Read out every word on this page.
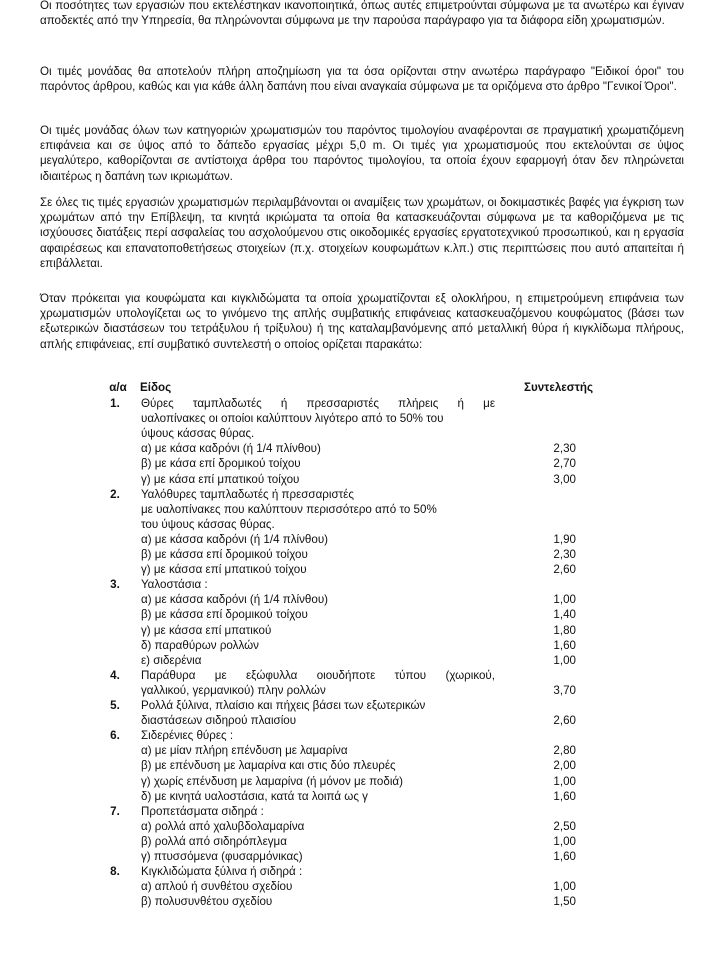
Οι ποσότητες των εργασιών που εκτελέστηκαν ικανοποιητικά, όπως αυτές επιμετρούνται σύμφωνα με τα ανωτέρω και έγιναν αποδεκτές από την Υπηρεσία, θα πληρώνονται σύμφωνα με την παρούσα παράγραφο για τα διάφορα είδη χρωματισμών.
Οι τιμές μονάδας θα αποτελούν πλήρη αποζημίωση για τα όσα ορίζονται στην ανωτέρω παράγραφο "Ειδικοί όροι" του παρόντος άρθρου, καθώς και για κάθε άλλη δαπάνη που είναι αναγκαία σύμφωνα με τα οριζόμενα στο άρθρο "Γενικοί Όροι".
Οι τιμές μονάδας όλων των κατηγοριών χρωματισμών του παρόντος τιμολογίου αναφέρονται σε πραγματική χρωματιζόμενη επιφάνεια και σε ύψος από το δάπεδο εργασίας μέχρι 5,0 m. Οι τιμές για χρωματισμούς που εκτελούνται σε ύψος μεγαλύτερο, καθορίζονται σε αντίστοιχα άρθρα του παρόντος τιμολογίου, τα οποία έχουν εφαρμογή όταν δεν πληρώνεται ιδιαιτέρως η δαπάνη των ικριωμάτων.
Σε όλες τις τιμές εργασιών χρωματισμών περιλαμβάνονται οι αναμίξεις των χρωμάτων, οι δοκιμαστικές βαφές για έγκριση των χρωμάτων από την Επίβλεψη, τα κινητά ικριώματα τα οποία θα κατασκευάζονται σύμφωνα με τα καθοριζόμενα με τις ισχύουσες διατάξεις περί ασφαλείας του ασχολούμενου στις οικοδομικές εργασίες εργατοτεχνικού προσωπικού, και η εργασία αφαιρέσεως και επανατοποθετήσεως στοιχείων (π.χ. στοιχείων κουφωμάτων κ.λπ.) στις περιπτώσεις που αυτό απαιτείται ή επιβάλλεται.
Όταν πρόκειται για κουφώματα και κιγκλιδώματα τα οποία χρωματίζονται εξ ολοκλήρου, η επιμετρούμενη επιφάνεια των χρωματισμών υπολογίζεται ως το γινόμενο της απλής συμβατικής επιφάνειας κατασκευαζόμενου κουφώματος (βάσει των εξωτερικών διαστάσεων του τετράξυλου ή τρίξυλου) ή της καταλαμβανόμενης από μεταλλική θύρα ή κιγκλίδωμα πλήρους, απλής επιφάνειας, επί συμβατικό συντελεστή ο οποίος ορίζεται παρακάτω:
α/α	Είδος	Συντελεστής
1.	Θύρες ταμπλαδωτές ή πρεσσαριστές πλήρεις ή με
υαλοπίνακες οι οποίοι καλύπτουν λιγότερο από το 50% του
ύψους κάσσας θύρας.
α) με κάσα καδρόνι (ή 1/4 πλίνθου)	2,30
β) με κάσα επί δρομικού τοίχου	2,70
γ) με κάσα επί μπατικού τοίχου	3,00
2.	Υαλόθυρες ταμπλαδωτές ή πρεσσαριστές
με υαλοπίνακες που καλύπτουν περισσότερο από το 50%
του ύψους κάσσας θύρας.
α) με κάσσα καδρόνι (ή 1/4 πλίνθου)	1,90
β) με κάσσα επί δρομικού τοίχου	2,30
γ) με κάσσα επί μπατικού τοίχου	2,60
3.	Υαλοστάσια :
α) με κάσσα καδρόνι (ή 1/4 πλίνθου)	1,00
β) με κάσσα επί δρομικού τοίχου	1,40
γ) με κάσσα επί μπατικού	1,80
δ) παραθύρων ρολλών	1,60
ε) σιδερένια	1,00
4.	Παράθυρα με εξώφυλλα οιουδήποτε τύπου (χωρικού,
γαλλικού, γερμανικού) πλην ρολλών	3,70
5.	Ρολλά ξύλινα, πλαίσιο και πήχεις βάσει των εξωτερικών
διαστάσεων σιδηρού πλαισίου	2,60
6.	Σιδερένιες θύρες :
α) με μίαν πλήρη επένδυση με λαμαρίνα	2,80
β) με επένδυση με λαμαρίνα και στις δύο πλευρές	2,00
γ) χωρίς επένδυση με λαμαρίνα (ή μόνον με ποδιά)	1,00
δ) με κινητά υαλοστάσια, κατά τα λοιπά ως γ	1,60
7.	Προπετάσματα σιδηρά :
α) ρολλά από χαλυβδολαμαρίνα	2,50
β) ρολλά από σιδηρόπλεγμα	1,00
γ) πτυσσόμενα (φυσαρμόνικας)	1,60
8.	Κιγκλιδώματα ξύλινα ή σιδηρά :
α) απλού ή συνθέτου σχεδίου	1,00
β) πολυσυνθέτου σχεδίου	1,50
